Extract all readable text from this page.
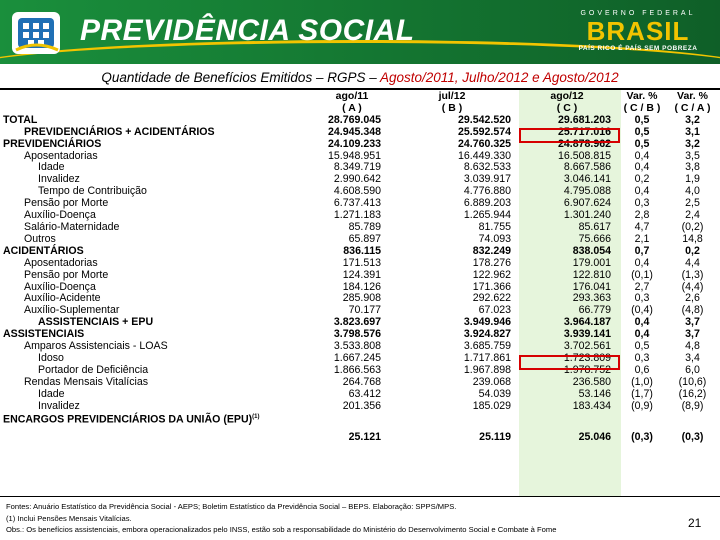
PREVIDÊNCIA SOCIAL
GOVERNO FEDERAL
BRASIL
PAÍS RICO É PAÍS SEM POBREZA
Quantidade de Benefícios Emitidos – RGPS – Agosto/2011, Julho/2012 e Agosto/2012
	ago/11	jul/12	ago/12	Var. %	Var. %
	( A )	( B )	( C )	( C / B )	( C / A )
TOTAL	28.769.045	29.542.520	29.681.203	0,5	3,2
PREVIDENCIÁRIOS + ACIDENTÁRIOS	24.945.348	25.592.574	25.717.016	0,5	3,1
PREVIDENCIÁRIOS	24.109.233	24.760.325	24.878.962	0,5	3,2
Aposentadorias	15.948.951	16.449.330	16.508.815	0,4	3,5
Idade	8.349.719	8.632.533	8.667.586	0,4	3,8
Invalidez	2.990.642	3.039.917	3.046.141	0,2	1,9
Tempo de Contribuição	4.608.590	4.776.880	4.795.088	0,4	4,0
Pensão por Morte	6.737.413	6.889.203	6.907.624	0,3	2,5
Auxílio-Doença	1.271.183	1.265.944	1.301.240	2,8	2,4
Salário-Maternidade	85.789	81.755	85.617	4,7	(0,2)
Outros	65.897	74.093	75.666	2,1	14,8
ACIDENTÁRIOS	836.115	832.249	838.054	0,7	0,2
Aposentadorias	171.513	178.276	179.001	0,4	4,4
Pensão por Morte	124.391	122.962	122.810	(0,1)	(1,3)
Auxílio-Doença	184.126	171.366	176.041	2,7	(4,4)
Auxílio-Acidente	285.908	292.622	293.363	0,3	2,6
Auxílio-Suplementar	70.177	67.023	66.779	(0,4)	(4,8)
ASSISTENCIAIS + EPU	3.823.697	3.949.946	3.964.187	0,4	3,7
ASSISTENCIAIS	3.798.576	3.924.827	3.939.141	0,4	3,7
Amparos Assistenciais - LOAS	3.533.808	3.685.759	3.702.561	0,5	4,8
Idoso	1.667.245	1.717.861	1.723.809	0,3	3,4
Portador de Deficiência	1.866.563	1.967.898	1.978.752	0,6	6,0
Rendas Mensais Vitalícias	264.768	239.068	236.580	(1,0)	(10,6)
Idade	63.412	54.039	53.146	(1,7)	(16,2)
Invalidez	201.356	185.029	183.434	(0,9)	(8,9)
ENCARGOS PREVIDENCIÁRIOS DA UNIÃO (EPU)$^{(1)}$					
	25.121	25.119	25.046	(0,3)	(0,3)
Fontes: Anuário Estatístico da Previdência Social - AEPS; Boletim Estatístico da Previdência Social – BEPS. Elaboração: SPPS/MPS.
(1) Inclui Pensões Mensais Vitalícias.
Obs.: Os benefícios assistenciais, embora operacionalizados pelo INSS, estão sob a responsabilidade do Ministério do Desenvolvimento Social e Combate à Fome	21
